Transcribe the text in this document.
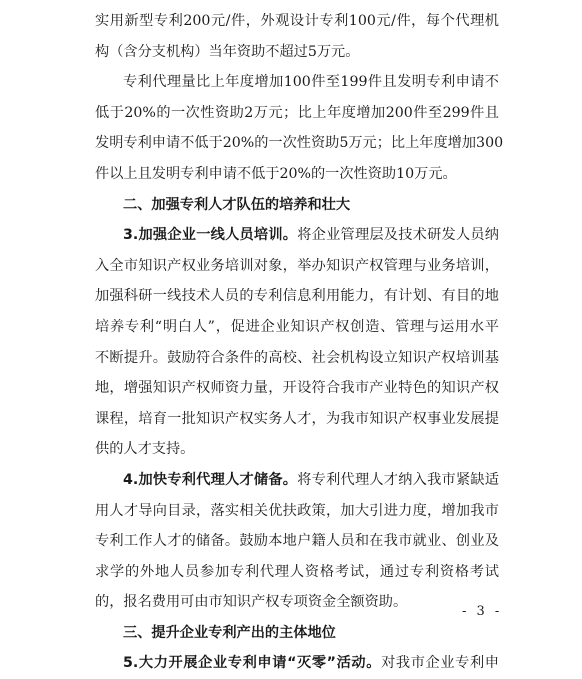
实用新型专利200元/件，外观设计专利100元/件，每个代理机
构（含分支机构）当年资助不超过5万元。
专利代理量比上年度增加100件至199件且发明专利申请不
低于20%的一次性资助2万元；比上年度增加200件至299件且
发明专利申请不低于20%的一次性资助5万元；比上年度增加300
件以上且发明专利申请不低于20%的一次性资助10万元。
二、加强专利人才队伍的培养和壮大
3.加强企业一线人员培训。将企业管理层及技术研发人员纳
入全市知识产权业务培训对象，举办知识产权管理与业务培训，
加强科研一线技术人员的专利信息利用能力，有计划、有目的地
培养专利“明白人”，促进企业知识产权创造、管理与运用水平
不断提升。鼓励符合条件的高校、社会机构设立知识产权培训基
地，增强知识产权师资力量，开设符合我市产业特色的知识产权
课程，培育一批知识产权实务人才，为我市知识产权事业发展提
供的人才支持。
4.加快专利代理人才储备。将专利代理人才纳入我市紧缺适
用人才导向目录，落实相关优扶政策，加大引进力度，增加我市
专利工作人才的储备。鼓励本地户籍人员和在我市就业、创业及
求学的外地人员参加专利代理人资格考试，通过专利资格考试
的，报名费用可由市知识产权专项资金全额资助。
三、提升企业专利产出的主体地位
5.大力开展企业专利申请“灭零”活动。对我市企业专利申
- 3 -
